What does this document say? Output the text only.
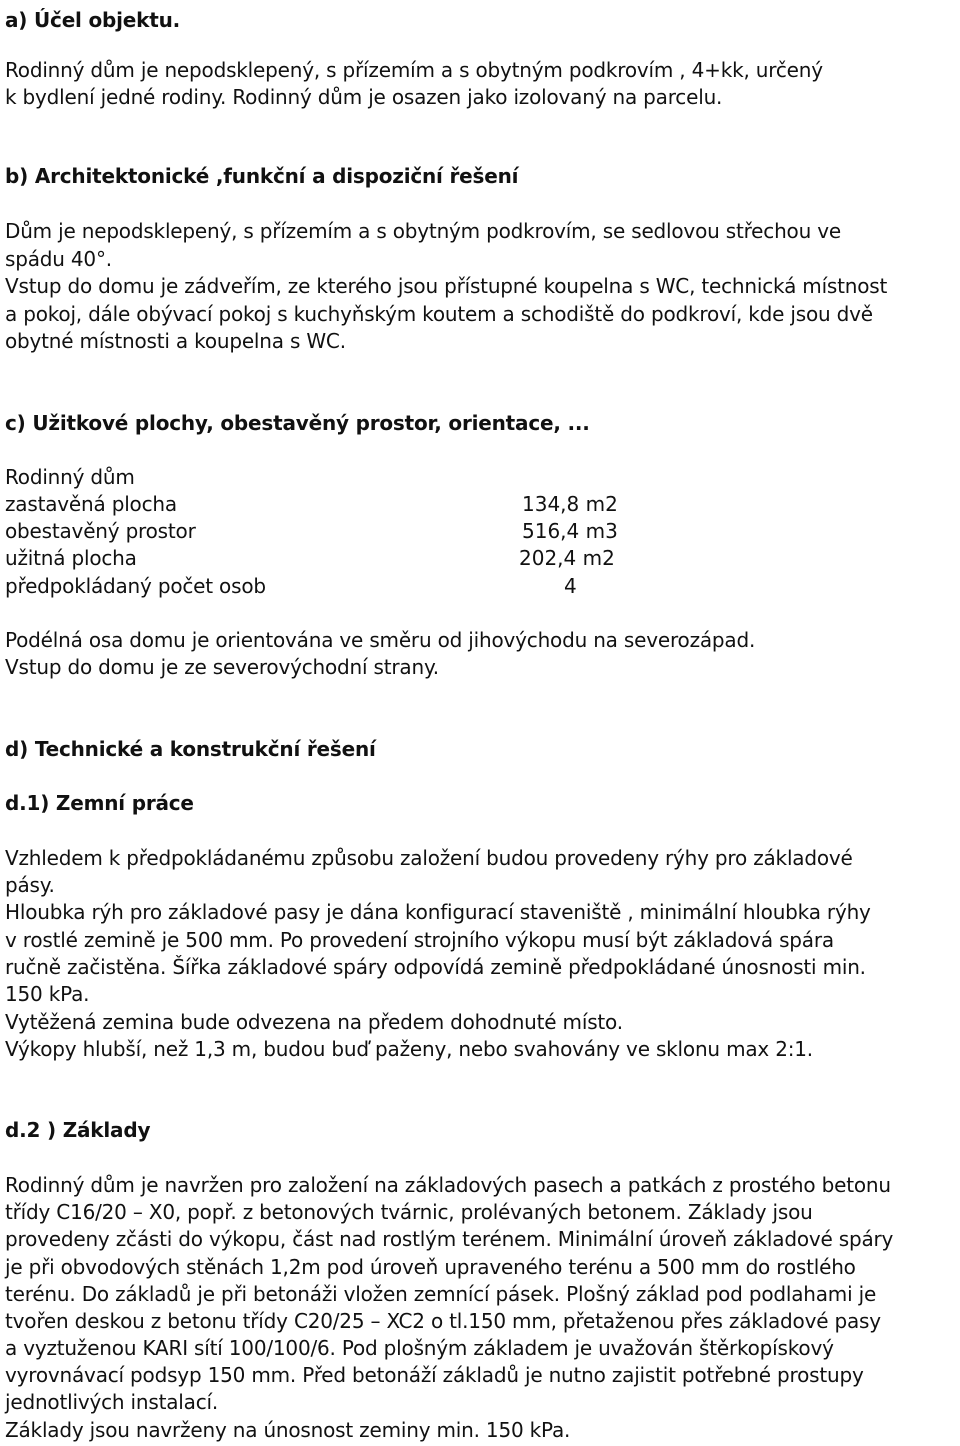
a) Účel objektu.
Rodinný dům je nepodsklepený, s přízemím a s obytným podkrovím , 4+kk, určený
k bydlení jedné rodiny. Rodinný dům je osazen jako izolovaný na parcelu.
b) Architektonické ,funkční a dispoziční řešení
Dům je nepodsklepený, s přízemím a s obytným podkrovím, se sedlovou střechou ve
spádu 40°.
Vstup do domu je zádveřím, ze kterého jsou přístupné koupelna s WC, technická místnost
a pokoj, dále obývací pokoj s kuchyňským koutem a schodiště do podkroví, kde jsou dvě
obytné místnosti a koupelna s WC.
c) Užitkové plochy, obestavěný prostor, orientace, ...
Rodinný dům
zastavěná plocha	134,8 m2
obestavěný prostor	516,4 m3
užitná plocha	202,4 m2
předpokládaný počet osob	4
Podélná osa domu je orientována ve směru od jihovýchodu na severozápad.
Vstup do domu je ze severovýchodní strany.
d) Technické a konstrukční řešení
d.1) Zemní práce
Vzhledem k předpokládanému způsobu založení budou provedeny rýhy pro základové
pásy.
Hloubka rýh pro základové pasy je dána konfigurací staveniště , minimální hloubka rýhy
v rostlé zemině je 500 mm. Po provedení strojního výkopu musí být základová spára
ručně začistěna. Šířka základové spáry odpovídá zemině předpokládané únosnosti min.
150 kPa.
Vytěžená zemina bude odvezena na předem dohodnuté místo.
Výkopy hlubší, než 1,3 m, budou buď paženy, nebo svahovány ve sklonu max 2:1.
d.2 ) Základy
Rodinný dům je navržen pro založení na základových pasech a patkách z prostého betonu
třídy C16/20 – X0, popř. z betonových tvárnic, prolévaných betonem. Základy jsou
provedeny zčásti do výkopu, část nad rostlým terénem. Minimální úroveň základové spáry
je při obvodových stěnách 1,2m pod úroveň upraveného terénu a 500 mm do rostlého
terénu. Do základů je při betonáži vložen zemnící pásek. Plošný základ pod podlahami je
tvořen deskou z betonu třídy C20/25 – XC2 o tl.150 mm, přetaženou přes základové pasy
a vyztuženou KARI sítí 100/100/6. Pod plošným základem je uvažován štěrkopískový
vyrovnávací podsyp 150 mm. Před betonáží základů je nutno zajistit potřebné prostupy
jednotlivých instalací.
Základy jsou navrženy na únosnost zeminy min. 150 kPa.
